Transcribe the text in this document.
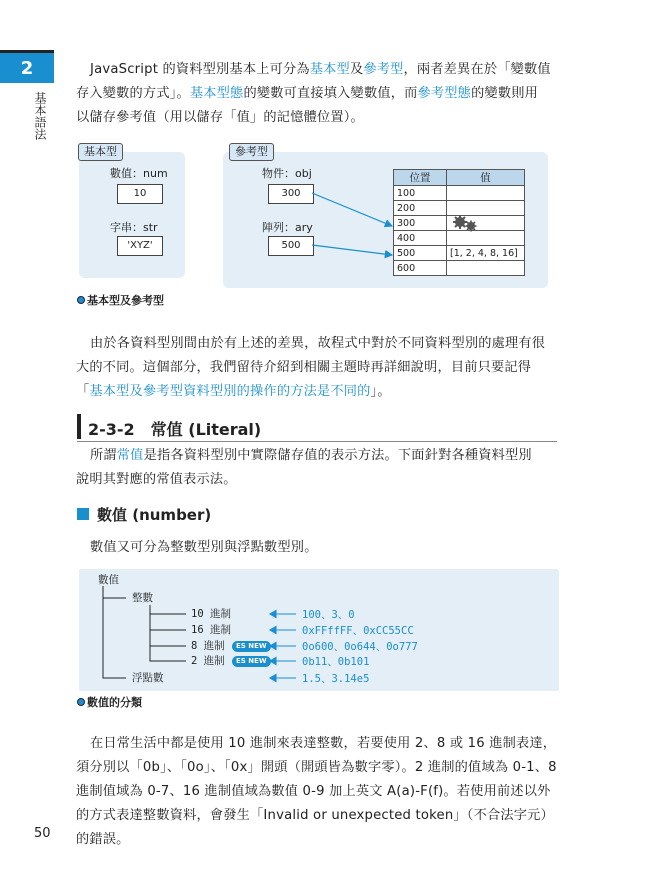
2
基本語法
JavaScript 的資料型別基本上可分為基本型及參考型，兩者差異在於「變數值
存入變數的方式」。基本型態的變數可直接填入變數值，而參考型態的變數則用
以儲存參考值（用以儲存「值」的記憶體位置）。
基本型	參考型
數值：num
10
字串：str
'XYZ'
物件：obj
300
陣列：ary
500
位置	值
100	
200	
300	

400	
500	[1, 2, 4, 8, 16]
600	
基本型及參考型
由於各資料型別間由於有上述的差異，故程式中對於不同資料型別的處理有很
大的不同。這個部分，我們留待介紹到相關主題時再詳細說明，目前只要記得
「基本型及參考型資料型別的操作的方法是不同的」。
2-3-2　常值 (Literal)
所謂常值是指各資料型別中實際儲存值的表示方法。下面針對各種資料型別
說明其對應的常值表示法。
數值 (number)
數值又可分為整數型別與浮點數型別。
數值
整數
浮點數
10 進制
16 進制
8 進制
2 進制
ES NEW
ES NEW
100、3、0
0xFFffFF、0xCC55CC
0o600、0o644、0o777
0b11、0b101
1.5、3.14e5
數值的分類
在日常生活中都是使用 10 進制來表達整數，若要使用 2、8 或 16 進制表達，
須分別以「0b」、「0o」、「0x」開頭（開頭皆為數字零）。2 進制的值域為 0-1、8
進制值域為 0-7、16 進制值域為數值 0-9 加上英文 A(a)-F(f)。若使用前述以外
的方式表達整數資料，會發生「Invalid or unexpected token」（不合法字元）的錯誤。
50
